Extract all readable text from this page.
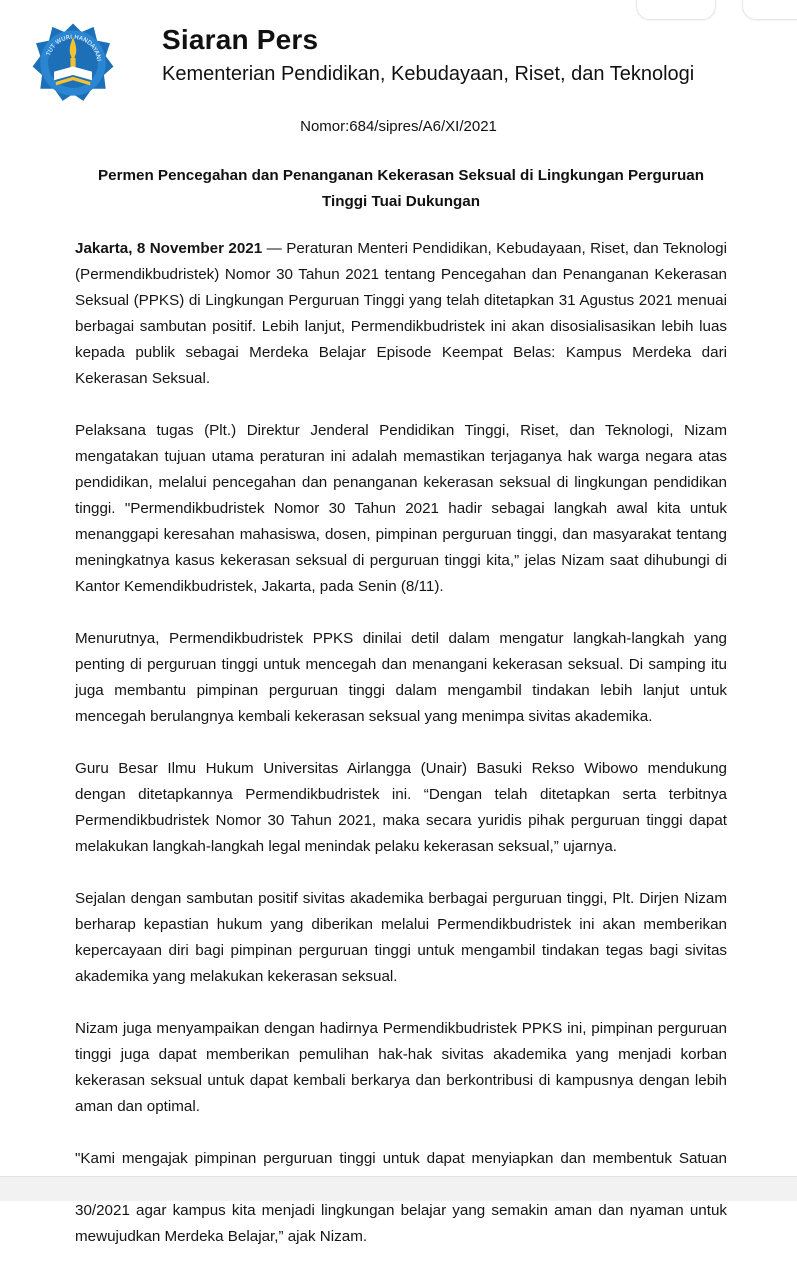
TUT WURI HANDAYANI
Siaran Pers
Kementerian Pendidikan, Kebudayaan, Riset, dan Teknologi
Nomor:684/sipres/A6/XI/2021
Permen Pencegahan dan Penanganan Kekerasan Seksual di Lingkungan Perguruan Tinggi Tuai Dukungan

Jakarta, 8 November 2021 — Peraturan Menteri Pendidikan, Kebudayaan, Riset, dan Teknologi (Permendikbudristek) Nomor 30 Tahun 2021 tentang Pencegahan dan Penanganan Kekerasan Seksual (PPKS) di Lingkungan Perguruan Tinggi yang telah ditetapkan 31 Agustus 2021 menuai berbagai sambutan positif. Lebih lanjut, Permendikbudristek ini akan disosialisasikan lebih luas kepada publik sebagai Merdeka Belajar Episode Keempat Belas: Kampus Merdeka dari Kekerasan Seksual.

Pelaksana tugas (Plt.) Direktur Jenderal Pendidikan Tinggi, Riset, dan Teknologi, Nizam mengatakan tujuan utama peraturan ini adalah memastikan terjaganya hak warga negara atas pendidikan, melalui pencegahan dan penanganan kekerasan seksual di lingkungan pendidikan tinggi. "Permendikbudristek Nomor 30 Tahun 2021 hadir sebagai langkah awal kita untuk menanggapi keresahan mahasiswa, dosen, pimpinan perguruan tinggi, dan masyarakat tentang meningkatnya kasus kekerasan seksual di perguruan tinggi kita,” jelas Nizam saat dihubungi di Kantor Kemendikbudristek, Jakarta, pada Senin (8/11).

Menurutnya, Permendikbudristek PPKS dinilai detil dalam mengatur langkah-langkah yang penting di perguruan tinggi untuk mencegah dan menangani kekerasan seksual. Di samping itu juga membantu pimpinan perguruan tinggi dalam mengambil tindakan lebih lanjut untuk mencegah berulangnya kembali kekerasan seksual yang menimpa sivitas akademika.

Guru Besar Ilmu Hukum Universitas Airlangga (Unair) Basuki Rekso Wibowo mendukung dengan ditetapkannya Permendikbudristek ini. “Dengan telah ditetapkan serta terbitnya Permendikbudristek Nomor 30 Tahun 2021, maka secara yuridis pihak perguruan tinggi dapat melakukan langkah-langkah legal menindak pelaku kekerasan seksual,” ujarnya.

Sejalan dengan sambutan positif sivitas akademika berbagai perguruan tinggi, Plt. Dirjen Nizam berharap kepastian hukum yang diberikan melalui Permendikbudristek ini akan memberikan kepercayaan diri bagi pimpinan perguruan tinggi untuk mengambil tindakan tegas bagi sivitas akademika yang melakukan kekerasan seksual.

Nizam juga menyampaikan dengan hadirnya Permendikbudristek PPKS ini, pimpinan perguruan tinggi juga dapat memberikan pemulihan hak-hak sivitas akademika yang menjadi korban kekerasan seksual untuk dapat kembali berkarya dan berkontribusi di kampusnya dengan lebih aman dan optimal.

"Kami mengajak pimpinan perguruan tinggi untuk dapat menyiapkan dan membentuk Satuan 30/2021 agar kampus kita menjadi lingkungan belajar yang semakin aman dan nyaman untuk mewujudkan Merdeka Belajar,” ajak Nizam.
